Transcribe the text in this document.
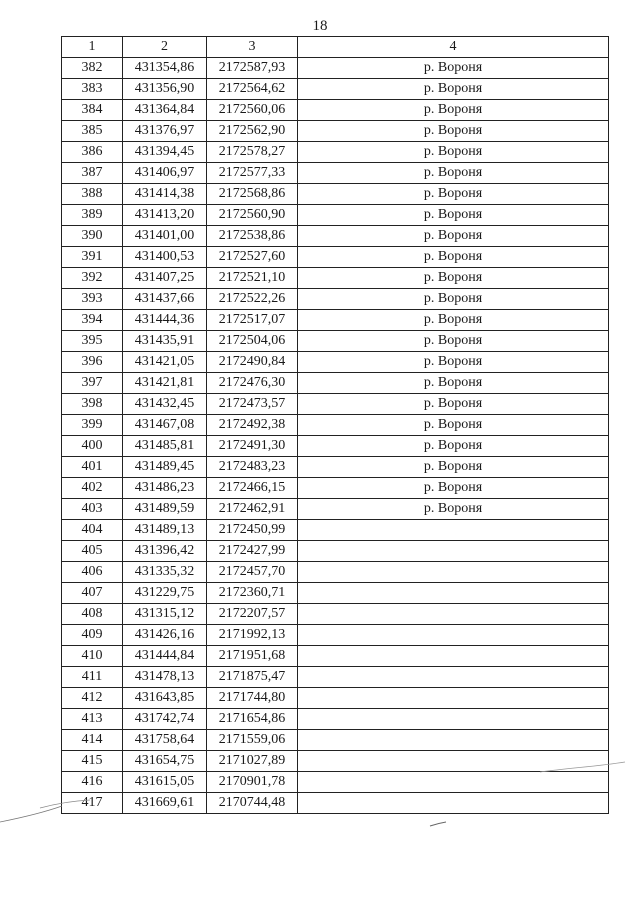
18
1	2	3	4
382	431354,86	2172587,93	р. Вороня
383	431356,90	2172564,62	р. Вороня
384	431364,84	2172560,06	р. Вороня
385	431376,97	2172562,90	р. Вороня
386	431394,45	2172578,27	р. Вороня
387	431406,97	2172577,33	р. Вороня
388	431414,38	2172568,86	р. Вороня
389	431413,20	2172560,90	р. Вороня
390	431401,00	2172538,86	р. Вороня
391	431400,53	2172527,60	р. Вороня
392	431407,25	2172521,10	р. Вороня
393	431437,66	2172522,26	р. Вороня
394	431444,36	2172517,07	р. Вороня
395	431435,91	2172504,06	р. Вороня
396	431421,05	2172490,84	р. Вороня
397	431421,81	2172476,30	р. Вороня
398	431432,45	2172473,57	р. Вороня
399	431467,08	2172492,38	р. Вороня
400	431485,81	2172491,30	р. Вороня
401	431489,45	2172483,23	р. Вороня
402	431486,23	2172466,15	р. Вороня
403	431489,59	2172462,91	р. Вороня
404	431489,13	2172450,99	
405	431396,42	2172427,99	
406	431335,32	2172457,70	
407	431229,75	2172360,71	
408	431315,12	2172207,57	
409	431426,16	2171992,13	
410	431444,84	2171951,68	
411	431478,13	2171875,47	
412	431643,85	2171744,80	
413	431742,74	2171654,86	
414	431758,64	2171559,06	
415	431654,75	2171027,89	
416	431615,05	2170901,78	
417	431669,61	2170744,48	
